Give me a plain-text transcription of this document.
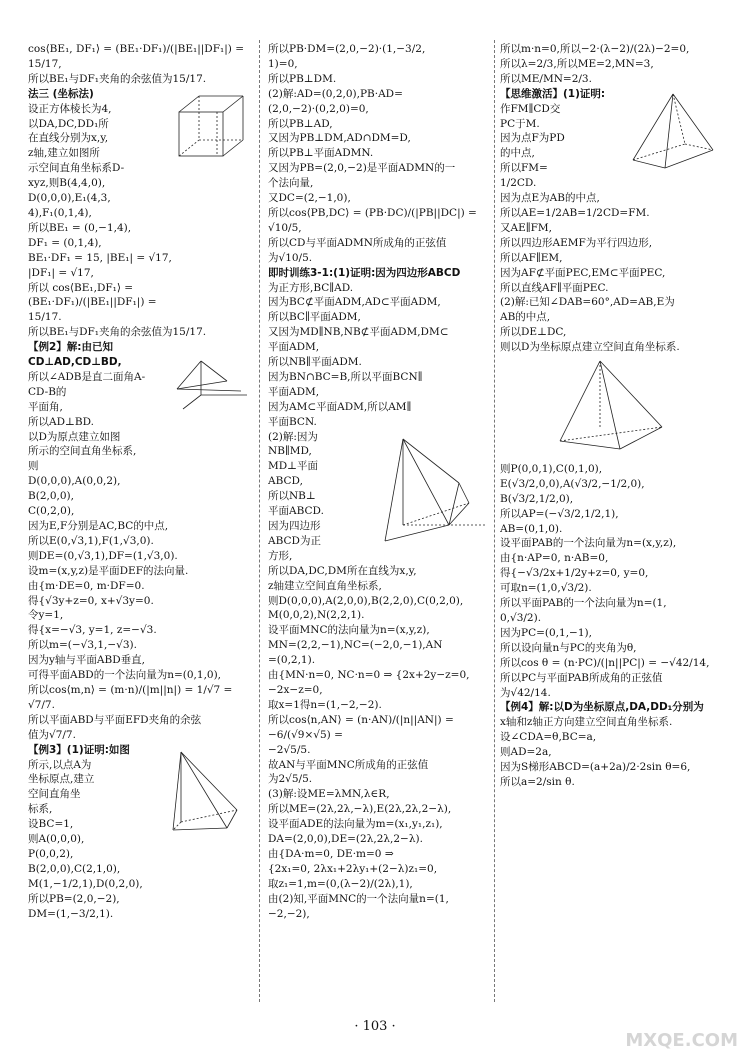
cos⟨BE₁, DF₁⟩ = (BE₁·DF₁)/(|BE₁||DF₁|) = 15/17,
所以BE₁与DF₁夹角的余弦值为15/17.
法三 (坐标法)
设正方体棱长为4,
以DA,DC,DD₁所
在直线分别为x,y,
z轴,建立如图所
示空间直角坐标系D-
xyz,则B(4,4,0),
D(0,0,0),E₁(4,3,
4),F₁(0,1,4),
所以BE₁ = (0,−1,4),
DF₁ = (0,1,4),
BE₁·DF₁ = 15, |BE₁| = √17,
|DF₁| = √17,
所以 cos⟨BE₁,DF₁⟩ = (BE₁·DF₁)/(|BE₁||DF₁|) =
15/17.
所以BE₁与DF₁夹角的余弦值为15/17.
【例2】解:由已知CD⊥AD,CD⊥BD,
所以∠ADB是直二面角A-CD-B的
平面角,
所以AD⊥BD.
以D为原点建立如图
所示的空间直角坐标系,
则
D(0,0,0),A(0,0,2),
B(2,0,0),
C(0,2,0),
因为E,F分别是AC,BC的中点,
所以E(0,√3,1),F(1,√3,0).
则DE=(0,√3,1),DF=(1,√3,0).
设m=(x,y,z)是平面DEF的法向量.
由{m·DE=0, m·DF=0.
得{√3y+z=0, x+√3y=0.
令y=1,
得{x=−√3, y=1, z=−√3.
所以m=(−√3,1,−√3).
因为y轴与平面ABD垂直,
可得平面ABD的一个法向量为n=(0,1,0),
所以cos⟨m,n⟩ = (m·n)/(|m||n|) = 1/√7 = √7/7.
所以平面ABD与平面EFD夹角的余弦
值为√7/7.
【例3】(1)证明:如图
所示,以点A为
坐标原点,建立
空间直角坐
标系,
设BC=1,
则A(0,0,0),
P(0,0,2),
B(2,0,0),C(2,1,0),
M(1,−1/2,1),D(0,2,0),
所以PB=(2,0,−2),
DM=(1,−3/2,1).
所以PB·DM=(2,0,−2)·(1,−3/2,
1)=0,
所以PB⊥DM.
(2)解:AD=(0,2,0),PB·AD=
(2,0,−2)·(0,2,0)=0,
所以PB⊥AD,
又因为PB⊥DM,AD∩DM=D,
所以PB⊥平面ADMN.
又因为PB=(2,0,−2)是平面ADMN的一
个法向量,
又DC=(2,−1,0),
所以cos⟨PB,DC⟩ = (PB·DC)/(|PB||DC|) = √10/5,
所以CD与平面ADMN所成角的正弦值
为√10/5.
即时训练3-1:(1)证明:因为四边形ABCD
为正方形,BC∥AD.
因为BC⊄平面ADM,AD⊂平面ADM,
所以BC∥平面ADM,
又因为MD∥NB,NB⊄平面ADM,DM⊂
平面ADM,
所以NB∥平面ADM.
因为BN∩BC=B,所以平面BCN∥
平面ADM,
因为AM⊂平面ADM,所以AM∥
平面BCN.
(2)解:因为
NB∥MD,
MD⊥平面
ABCD,
所以NB⊥
平面ABCD.
因为四边形
ABCD为正
方形,
所以DA,DC,DM所在直线为x,y,
z轴建立空间直角坐标系,
则D(0,0,0),A(2,0,0),B(2,2,0),C(0,2,0),
M(0,0,2),N(2,2,1).
设平面MNC的法向量为n=(x,y,z),
MN=(2,2,−1),NC=(−2,0,−1),AN
=(0,2,1).
由{MN·n=0, NC·n=0 ⇒ {2x+2y−z=0, −2x−z=0,
取x=1得n=(1,−2,−2).
所以cos⟨n,AN⟩ = (n·AN)/(|n||AN|) = −6/(√9×√5) =
−2√5/5.
故AN与平面MNC所成角的正弦值
为2√5/5.
(3)解:设ME=λMN,λ∈R,
所以ME=(2λ,2λ,−λ),E(2λ,2λ,2−λ),
设平面ADE的法向量为m=(x₁,y₁,z₁),
DA=(2,0,0),DE=(2λ,2λ,2−λ).
由{DA·m=0, DE·m=0 ⇒
{2x₁=0, 2λx₁+2λy₁+(2−λ)z₁=0,
取z₁=1,m=(0,(λ−2)/(2λ),1),
由(2)知,平面MNC的一个法向量n=(1,
−2,−2),
所以m·n=0,所以−2·(λ−2)/(2λ)−2=0,
所以λ=2/3,所以ME=2,MN=3,
所以ME/MN=2/3.
【思维激活】(1)证明:
作FM∥CD交
PC于M.
因为点F为PD
的中点,
所以FM=
1/2CD.
因为点E为AB的中点,
所以AE=1/2AB=1/2CD=FM.
又AE∥FM,
所以四边形AEMF为平行四边形,
所以AF∥EM,
因为AF⊄平面PEC,EM⊂平面PEC,
所以直线AF∥平面PEC.
(2)解:已知∠DAB=60°,AD=AB,E为
AB的中点,
所以DE⊥DC,
则以D为坐标原点建立空间直角坐标系.
则P(0,0,1),C(0,1,0),
E(√3/2,0,0),A(√3/2,−1/2,0),
B(√3/2,1/2,0),
所以AP=(−√3/2,1/2,1),
AB=(0,1,0).
设平面PAB的一个法向量为n=(x,y,z),
由{n·AP=0, n·AB=0,
得{−√3/2x+1/2y+z=0, y=0,
可取n=(1,0,√3/2).
所以平面PAB的一个法向量为n=(1,
0,√3/2).
因为PC=(0,1,−1),
所以设向量n与PC的夹角为θ,
所以cos θ = (n·PC)/(|n||PC|) = −√42/14,
所以PC与平面PAB所成角的正弦值
为√42/14.
【例4】解:以D为坐标原点,DA,DD₁分别为
x轴和z轴正方向建立空间直角坐标系.
设∠CDA=θ,BC=a,
则AD=2a,
因为S梯形ABCD=(a+2a)/2·2sin θ=6,
所以a=2/sin θ.
· 103 ·
MXQE.COM
